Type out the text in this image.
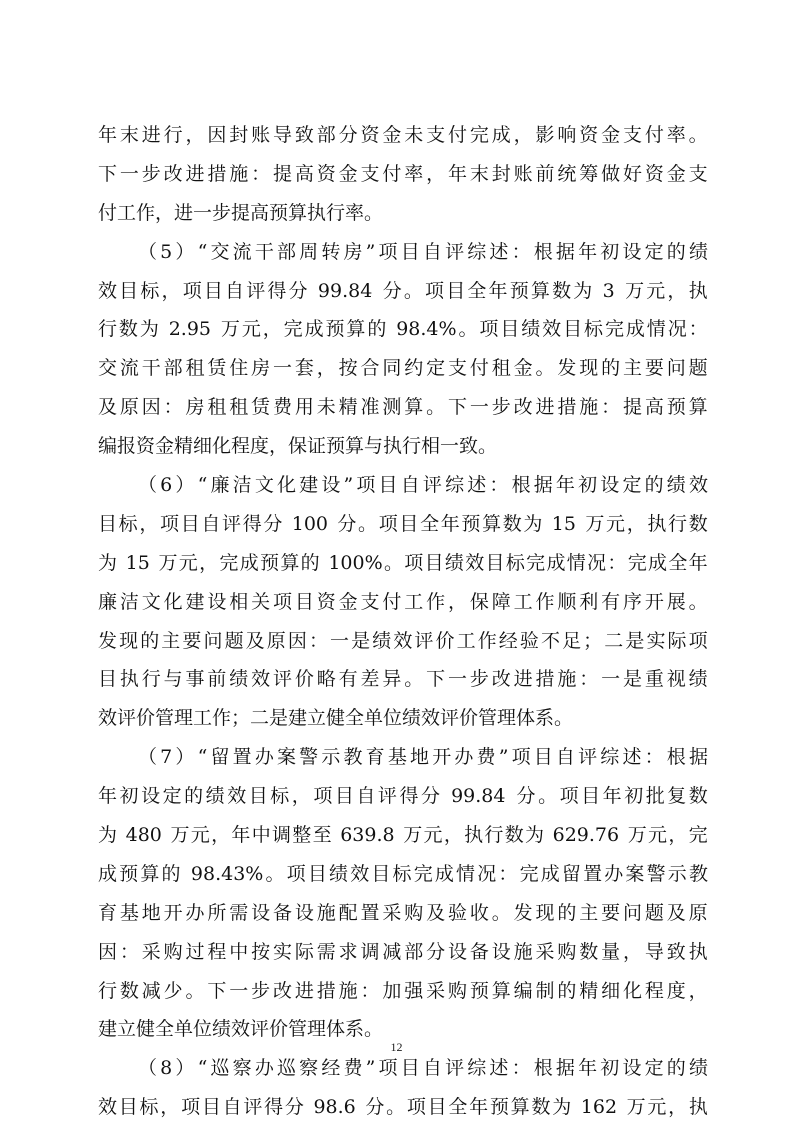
年 末 进 行 ， 因 封 账 导 致 部 分 资 金 未 支 付 完 成 ， 影 响 资 金 支 付 率 。
下 一 步 改 进 措 施 ： 提 高 资 金 支 付 率 ， 年 末 封 账 前 统 筹 做 好 资 金 支
付工作，进一步提高预算执行率。
（ 5 ） “ 交 流 干 部 周 转 房 ” 项 目 自 评 综 述 ： 根 据 年 初 设 定 的 绩
效 目 标 ， 项 目 自 评 得 分
99.84
分 。 项 目 全 年 预 算 数 为
3
万 元 ， 执
行 数 为
2.95
万 元 ， 完 成 预 算 的
98.4% 。 项 目 绩 效 目 标 完 成 情 况 ：
交 流 干 部 租 赁 住 房 一 套 ， 按 合 同 约 定 支 付 租 金 。 发 现 的 主 要 问 题
及 原 因 ： 房 租 租 赁 费 用 未 精 准 测 算 。 下 一 步 改 进 措 施 ： 提 高 预 算
编报资金精细化程度，保证预算与执行相一致。
（ 6 ） “ 廉 洁 文 化 建 设 ” 项 目 自 评 综 述 ： 根 据 年 初 设 定 的 绩 效
目 标 ， 项 目 自 评 得 分
100
分 。 项 目 全 年 预 算 数 为
15
万 元 ， 执 行 数
为
15
万 元 ， 完 成 预 算 的
100% 。 项 目 绩 效 目 标 完 成 情 况 ： 完 成 全 年
廉 洁 文 化 建 设 相 关 项 目 资 金 支 付 工 作 ， 保 障 工 作 顺 利 有 序 开 展 。
发 现 的 主 要 问 题 及 原 因 ： 一 是 绩 效 评 价 工 作 经 验 不 足 ； 二 是 实 际 项
目 执 行 与 事 前 绩 效 评 价 略 有 差 异 。 下 一 步 改 进 措 施 ： 一 是 重 视 绩
效评价管理工作；二是建立健全单位绩效评价管理体系。
（ 7 ） “ 留 置 办 案 警 示 教 育 基 地 开 办 费 ” 项 目 自 评 综 述 ： 根 据
年 初 设 定 的 绩 效 目 标 ， 项 目 自 评 得 分
99.84
分 。 项 目 年 初 批 复 数
为
480
万 元 ， 年 中 调 整 至
639.8
万 元 ， 执 行 数 为
629.76
万 元 ， 完
成 预 算 的
98.43% 。 项 目 绩 效 目 标 完 成 情 况 ： 完 成 留 置 办 案 警 示 教
育 基 地 开 办 所 需 设 备 设 施 配 置 采 购 及 验 收 。 发 现 的 主 要 问 题 及 原
因 ： 采 购 过 程 中 按 实 际 需 求 调 减 部 分 设 备 设 施 采 购 数 量 ， 导 致 执
行 数 减 少 。 下 一 步 改 进 措 施 ： 加 强 采 购 预 算 编 制 的 精 细 化 程 度 ，
建立健全单位绩效评价管理体系。
（ 8 ） “ 巡 察 办 巡 察 经 费 ” 项 目 自 评 综 述 ： 根 据 年 初 设 定 的 绩
效 目 标 ， 项 目 自 评 得 分
98.6
分 。 项 目 全 年 预 算 数 为
162
万 元 ， 执
12
